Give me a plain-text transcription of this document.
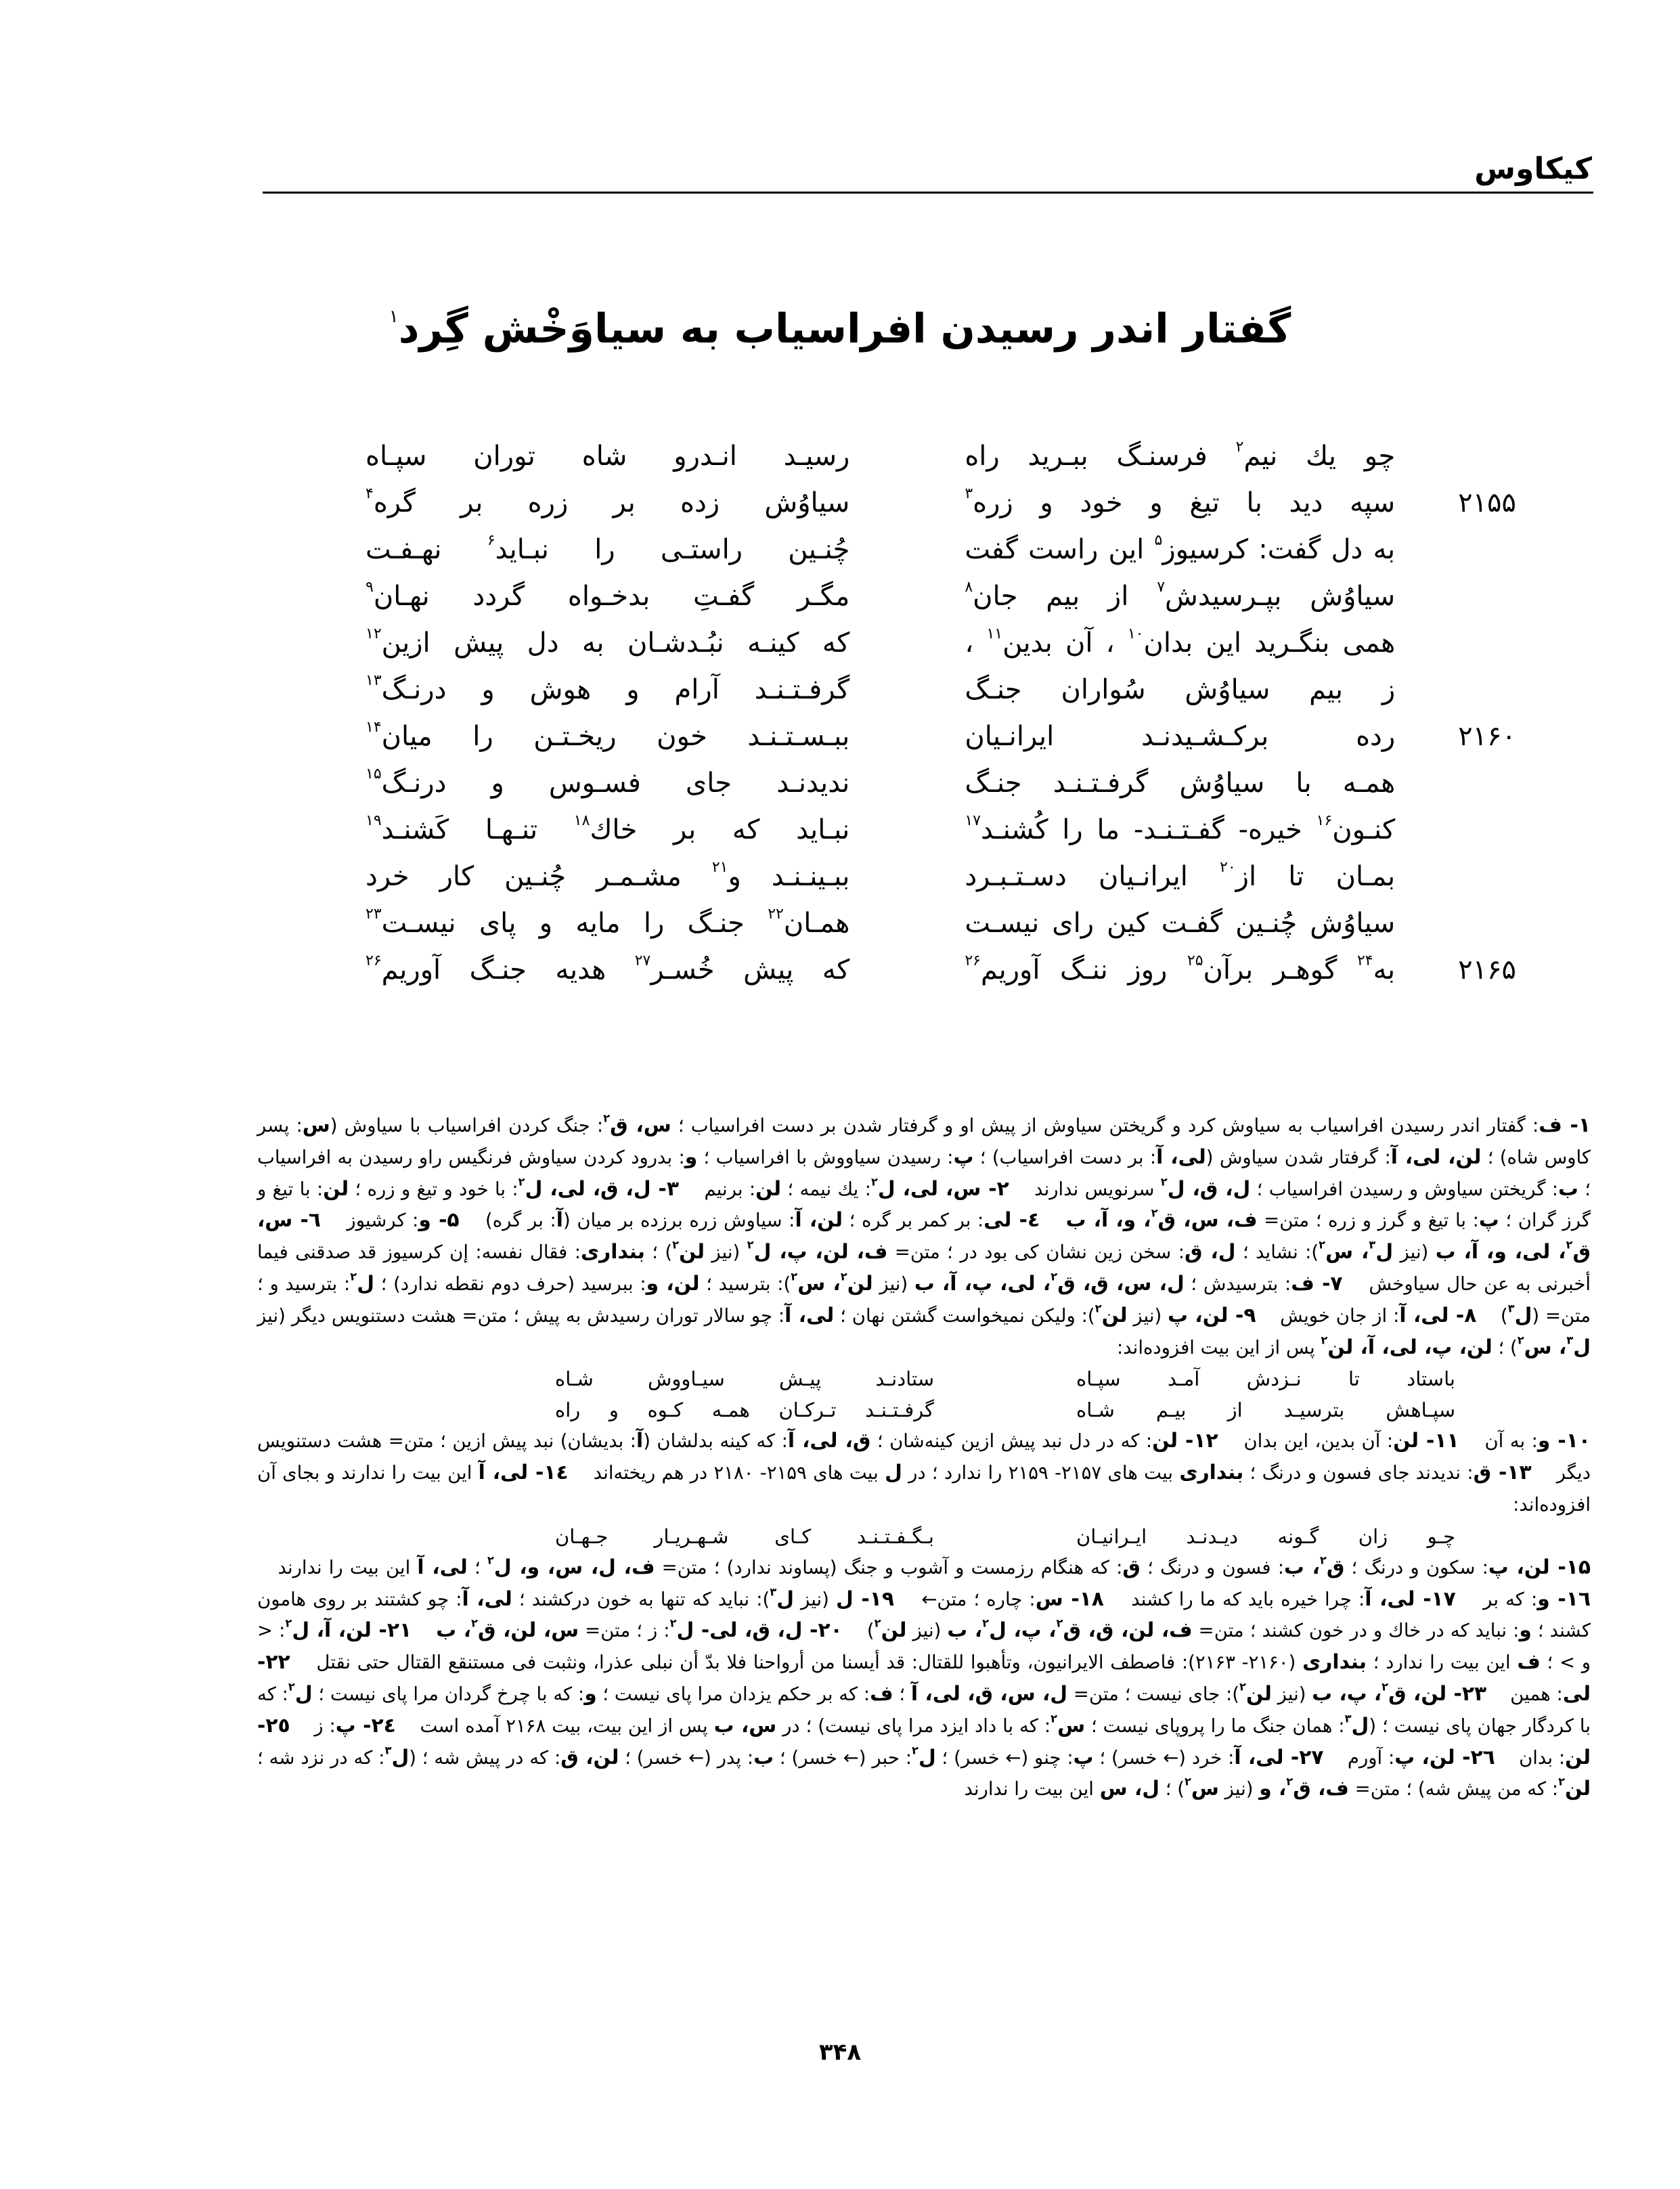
کیکاوس
گفتار اندر رسیدن افراسیاب به سیاوَخْش گِرد$^۱$
چو یك نیم$^۲$ فرسنـگ ببـرید راه
رسیـد انـدرو شاه توران سپـاه
۲۱۵۵
سپه دید با تیغ و خود و زره$^۳$
سیاوُش زده بر زره بر گره$^۴$
به دل گفت: کرسیوز$^۵$ این راست گفت
چُنـین راستـی را نبـاید$^۶$ نهـفـت
سیاوُش بپـرسیدش$^۷$ از بیم جان$^۸$
مگـر گفـتِ بدخـواه گردد نهـان$^۹$
همی بنگـرید این بدان$^{۱۰}$ ، آن بدین$^{۱۱}$ ،
که کینـه نبُـدشـان به دل پیش ازین$^{۱۲}$
ز بیم سیاوُش سُواران جنـگ
گرفـتـنـد آرام و هوش و درنـگ$^{۱۳}$
۲۱۶۰
رده برکـشـیدنـد ایرانـیان
ببـسـتـنـد خون ریخـتـن را میان$^{۱۴}$
همـه با سیاوُش گرفـتـنـد جنـگ
ندیدنـد جای فسـوس و درنـگ$^{۱۵}$
کنـون$^{۱۶}$ خیره- گفـتـنـد- ما را کُشنـد$^{۱۷}$
نبـاید که بر خاك$^{۱۸}$ تنـهـا کَشنـد$^{۱۹}$
بمـان تا از$^{۲۰}$ ایرانـیان دسـتـبـرد
ببـینـنـد و$^{۲۱}$ مشـمـر چُنـین کار خرد
سیاوُش چُنـین گفـت کین رای نیسـت
همـان$^{۲۲}$ جنـگ را مایه و پای نیسـت$^{۲۳}$
۲۱۶۵
به$^{۲۴}$ گوهـر برآن$^{۲۵}$ روز ننـگ آوریم$^{۲۶}$
که پیش خُسـر$^{۲۷}$ هدیه جنـگ آوریم$^{۲۶}$
۱- ف: گفتار اندر رسیدن افراسیاب به سیاوش کرد و گریختن سیاوش از پیش او و گرفتار شدن بر دست افراسیاب ؛ س، ق$^۲$: جنگ کردن افراسیاب با سیاوش (س: پسر کاوس شاه) ؛ لن، لی، آ: گرفتار شدن سیاوش (لی، آ: بر دست افراسیاب) ؛ پ: رسیدن سیاووش با افراسیاب ؛ و: بدرود کردن سیاوش فرنگیس راو رسیدن به افراسیاب ؛ ب: گریختن سیاوش و رسیدن افراسیاب ؛ ل، ق، ل$^۲$ سرنویس ندارند    ۲- س، لی، ل$^۲$: یك نیمه ؛ لن: برنیم    ۳- ل، ق، لی، ل$^۲$: با خود و تیغ و زره ؛ لن: با تیغ و گرز گران ؛ پ: با تیغ و گرز و زره ؛ متن= ف، س، ق$^۲$، و، آ، ب    ٤- لی: بر کمر بر گره ؛ لن، آ: سیاوش زره برزده بر میان (آ: بر گره)    ۵- و: کرشیوز    ٦- س، ق$^۲$، لی، و، آ، ب (نیز ل$^۳$، س$^۲$): نشاید ؛ ل، ق: سخن زین نشان کی بود در ؛ متن= ف، لن، پ، ل$^۲$ (نیز لن$^۲$) ؛ بنداری: فقال نفسه: إن کرسیوز قد صدقنی فیما أخبرنی به عن حال سیاوخش    ۷- ف: بترسیدش ؛ ل، س، ق، ق$^۲$، لی، پ، آ، ب (نیز لن$^۲$، س$^۲$): بترسید ؛ لن، و: ببرسید (حرف دوم نقطه ندارد) ؛ ل$^۲$: بترسید و ؛ متن= (ل$^۳$)    ۸- لی، آ: از جان خویش    ۹- لن، پ (نیز لن$^۲$): ولیکن نمیخواست گشتن نهان ؛ لی، آ: چو سالار توران رسیدش به پیش ؛ متن= هشت دستنویس دیگر (نیز ل$^۳$، س$^۲$) ؛ لن، پ، لی، آ، لن$^۲$ پس از این بیت افزوده‌اند:
باستاد تا نـزدش آمـد سپـاه
ستادنـد پیـش سیـاووش شـاه
سپـاهش بترسیـد از بیـم شـاه
گرفـتـنـد تـرکـان همـه کـوه و راه
۱۰- و: به آن    ۱۱- لن: آن بدین، این بدان    ۱۲- لن: که در دل نبد پیش ازین کینه‌شان ؛ ق، لی، آ: که کینه بدلشان (آ: بدیشان) نبد پیش ازین ؛ متن= هشت دستنویس دیگر    ۱۳- ق: ندیدند جای فسون و درنگ ؛ بنداری بیت های ۲۱۵۷- ۲۱۵۹ را ندارد ؛ در ل بیت های ۲۱۵۹- ۲۱۸۰ در هم ریخته‌اند    ١٤- لی، آ این بیت را ندارند و بجای آن افزوده‌اند:
چـو زان گـونه دیـدنـد ایـرانیـان
بـگـفـتـنـد کـای شـهـریـار جـهـان
۱۵- لن، پ: سکون و درنگ ؛ ق$^۲$، ب: فسون و درنگ ؛ ق: که هنگام رزمست و آشوب و جنگ (پساوند ندارد) ؛ متن= ف، ل، س، و، ل$^۲$ ؛ لی، آ این بیت را ندارند    ۱٦- و: که بر    ۱۷- لی، آ: چرا خیره باید که ما را کشند    ۱۸- س: چاره ؛ متن←    ۱۹- ل (نیز ل$^۳$): نباید که تنها به خون درکشند ؛ لی، آ: چو کشتند بر روی هامون کشند ؛ و: نباید که در خاك و در خون کشند ؛ متن= ف، لن، ق، ق$^۲$، پ، ل$^۲$، ب (نیز لن$^۲$)    ۲۰- ل، ق، لی- ل$^۲$: ز ؛ متن= س، لن، ق$^۲$، ب    ۲۱- لن، آ، ل$^۲$: < و > ؛ ف این بیت را ندارد ؛ بنداری (۲۱۶۰- ۲۱۶۳): فاصطف الایرانیون، وتأهبوا للقتال: قد أیسنا من أرواحنا فلا بدّ أن نبلی عذرا، ونثبت فی مستنقع القتال حتی نقتل    ۲۲- لی: همین    ۲۳- لن، ق$^۲$، پ، ب (نیز لن$^۲$): جای نیست ؛ متن= ل، س، ق، لی، آ ؛ ف: که بر حکم یزدان مرا پای نیست ؛ و: که با چرخ گردان مرا پای نیست ؛ ل$^۲$: که با کردگار جهان پای نیست ؛ (ل$^۳$: همان جنگ ما را پروپای نیست ؛ س$^۲$: که با داد ایزد مرا پای نیست) ؛ در س، ب پس از این بیت، بیت ۲۱۶۸ آمده است    ٢٤- پ: ز    ٢٥- لن: بدان    ٢٦- لن، پ: آورم    ۲۷- لی، آ: خرد (← خسر) ؛ پ: چنو (← خسر) ؛ ل$^۲$: حبر (← خسر) ؛ ب: پدر (← خسر) ؛ لن، ق: که در پیش شه ؛ (ل$^۳$: که در نزد شه ؛ لن$^۲$: که من پیش شه) ؛ متن= ف، ق$^۲$، و (نیز س$^۲$) ؛ ل، س این بیت را ندارند
۳۴۸
